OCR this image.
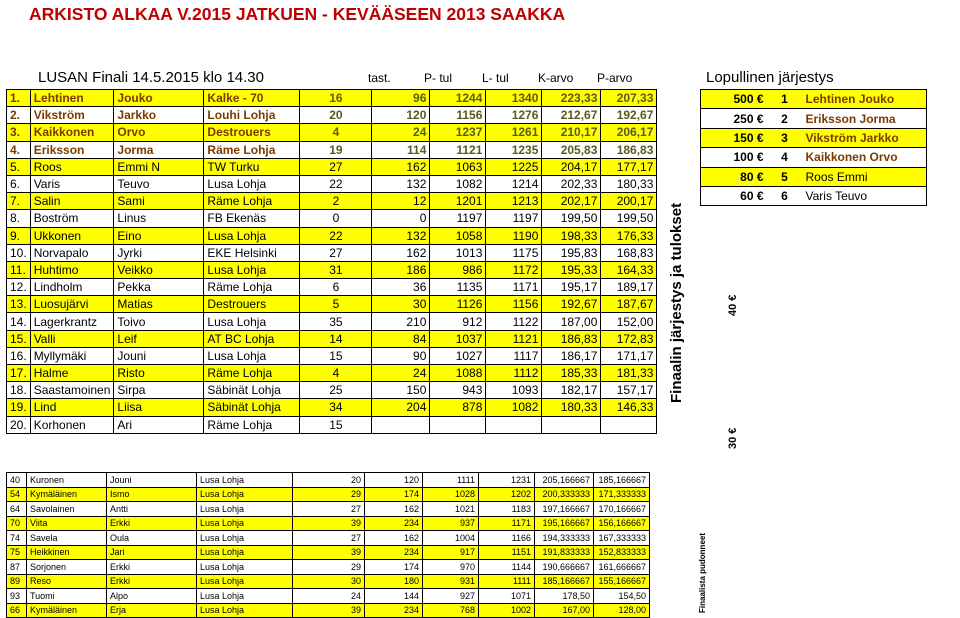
ARKISTO ALKAA V.2015 JATKUEN - KEVÄÄSEEN 2013 SAAKKA
LUSAN Finali 14.5.2015 klo 14.30	tast.	P- tul L- tul K-arvo P-arvo	Lopullinen järjestys
1.	Lehtinen	Jouko	Kalke - 70	16	96	1244	1340	223,33	207,33
2.	Vikström	Jarkko	Louhi Lohja	20	120	1156	1276	212,67	192,67
3.	Kaikkonen	Orvo	Destrouers	4	24	1237	1261	210,17	206,17
4.	Eriksson	Jorma	Räme Lohja	19	114	1121	1235	205,83	186,83
5.	Roos	Emmi N	TW Turku	27	162	1063	1225	204,17	177,17
6.	Varis	Teuvo	Lusa Lohja	22	132	1082	1214	202,33	180,33
7.	Salin	Sami	Räme Lohja	2	12	1201	1213	202,17	200,17
8.	Boström	Linus	FB Ekenäs	0	0	1197	1197	199,50	199,50
9.	Ukkonen	Eino	Lusa Lohja	22	132	1058	1190	198,33	176,33
10.	Norvapalo	Jyrki	EKE Helsinki	27	162	1013	1175	195,83	168,83
11.	Huhtimo	Veikko	Lusa Lohja	31	186	986	1172	195,33	164,33
12.	Lindholm	Pekka	Räme Lohja	6	36	1135	1171	195,17	189,17
13.	Luosujärvi	Matias	Destrouers	5	30	1126	1156	192,67	187,67
14.	Lagerkrantz	Toivo	Lusa Lohja	35	210	912	1122	187,00	152,00
15.	Valli	Leif	AT BC Lohja	14	84	1037	1121	186,83	172,83
16.	Myllymäki	Jouni	Lusa Lohja	15	90	1027	1117	186,17	171,17
17.	Halme	Risto	Räme Lohja	4	24	1088	1112	185,33	181,33
18.	Saastamoinen	Sirpa	Säbinät Lohja	25	150	943	1093	182,17	157,17
19.	Lind	Liisa	Säbinät Lohja	34	204	878	1082	180,33	146,33
20.	Korhonen	Ari	Räme Lohja	15					
40	Kuronen	Jouni	Lusa Lohja	20	120	1111	1231	205,166667	185,166667
54	Kymäläinen	Ismo	Lusa Lohja	29	174	1028	1202	200,333333	171,333333
64	Savolainen	Antti	Lusa Lohja	27	162	1021	1183	197,166667	170,166667
70	Viita	Erkki	Lusa Lohja	39	234	937	1171	195,166667	156,166667
74	Savela	Oula	Lusa Lohja	27	162	1004	1166	194,333333	167,333333
75	Heikkinen	Jari	Lusa Lohja	39	234	917	1151	191,833333	152,833333
87	Sorjonen	Erkki	Lusa Lohja	29	174	970	1144	190,666667	161,666667
89	Reso	Erkki	Lusa Lohja	30	180	931	1111	185,166667	155,166667
93	Tuomi	Alpo	Lusa Lohja	24	144	927	1071	178,50	154,50
66	Kymäläinen	Erja	Lusa Lohja	39	234	768	1002	167,00	128,00
500 €	1	Lehtinen Jouko
250 €	2	Eriksson Jorma
150 €	3	Vikström Jarkko
100 €	4	Kaikkonen Orvo
80 €	5	Roos Emmi
60 €	6	Varis Teuvo
Finaalin järjestys ja tulokset
Finaalista pudonneet
40 €
30 €
